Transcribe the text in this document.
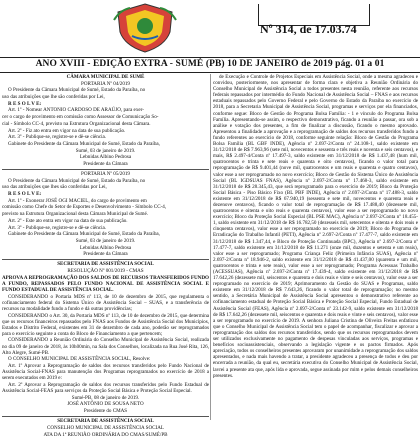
Nº 314, de 17.03.74
ANO XVIII - EDIÇÃO EXTRA - SUMÉ (PB) 10 DE JANEIRO de 2019 pág. 01 a 01

CÂMARA MUNICIPAL DE SUMÉ

PORTARIA Nº 04/2019

O Presidente da Câmara Municipal de Sumé, Estado da Paraíba, no

uso das atribuições que lhe são conferidas por Lei,

R E S O L V E:

Art. 1º - Nomear ANTONIO CARDOSO DE ARAÚJO, para exer-

cer o cargo de provimento em comissão como Assessor de Comunicação So-

cial - Símbolo CC-4, previsto na Estrutura Organizacional desta Câmara.

Art. 2º - Fiz ato entra em vigor na data de sua publicação.

Art. 3º - Publique-se, registre-se e dê-se ciência.

Gabinete do Presidente da Câmara Municipal de Sumé, Estado da Paraíba,

Sumé, 03 de janeiro de 2019.

Lebnidas Albino Pedrosa

Presidente da Câmara

PORTARIA Nº 05/2019

O Presidente da Câmara Municipal de Sumé, Estado da Paraíba, no

uso das atribuições que lhes são conferidas por Lei,

R E S O L V E:

Art. 1º - Exonerar JOSÉ OGI MACIEL, do cargo de provimento em

comissão como Chefe do Setor de Esportes e Desenvolvimento - Símbolo CC-4,

previsto na Estrutura Organizacional desta Câmara Municipal de Sumé.

Art. 2º - Este ato entra em vigor na data de sua publicação.

Art. 3º - Publique-se, registre-se e dê-se ciência.

Gabinete do Presidente da Câmara Municipal de Sumé, Estado da Paraíba,

Sumé, 03 de janeiro de 2019.

Lebnidas Albino Pedrosa

Presidente da Câmara

SECRETARIA DE ASSISTÊNCIA SOCIAL

RESOLUÇÃO Nº 001/2019 - CMAS

APROVA A REPROGRAMAÇÃO DOS SALDOS DE RECURSOS TRANSFERIDOS FUNDO A FUNDO, REPASSADOS PELO FUNDO NACIONAL DE ASSISTÊNCIA SOCIAL E FUNDO ESTADUAL DE ASSISTÊNCIA SOCIAL.

CONSIDERANDO o Portaria MDS nº 113, de 10 de dezembro de 2015, que regulamenta o cofinanciamento federal do Sistema Único de Assistência Social – SUAS, e a transferência de recursos na modalidade fundo a fundo e dá outras providências;

CONSIDERANDO o Art. 30, da Portaria MDS nº 113, de 10 de dezembro de 2015, que determina que os recursos financeiros repassados pelo FNAS aos Fundos de Assistência Social dos Municípios, Estados e Distrito Federal, existentes em 31 de dezembro de cada ano, poderão ser reprogramados para o exercício seguinte a conta do Bloco de Financiamento a que pertencem;

CONSIDERANDO a Reunião Ordinária do Conselho Municipal de Assistência Social, realizada no dia 09 de janeiro de 2018, às 10h00min, na Sala dos Conselhos, localizada na Rua José Rita, 126, Alto Alegre, Sumé-PB.

O CONSELHO MUNICIPAL DE ASSISTÊNCIA SOCIAL, Resolve:

Art. 1º Aprovar a Reprogramação de saldos dos recursos transferidos pelo Fundo Nacional de Assistência Social-FNAS para manutenção dos Programas reprogramados no exercício de 2018 a serem executados em 2019 e:

Art. 2º Aprovar a Reprogramação de saldos dos recursos transferidos pelo Fundo Estadual de Assistência Social-FEAS para serviços da Proteção Social Básica e Proteção Social Especial.

Sumé-PB, 08 de janeiro de 2019.

JOSÉ ANTÔNIO DE SOUSA NETO

Presidente do CMAS

SECRETARIA DE ASSISTÊNCIA SOCIAL

CONSELHO MUNICIPAL DE ASSISTÊNCIA SOCIAL

ATA DA 1ª REUNIÃO ORDINÁRIA DO CMAS/SUMÉ/PB

de Execução e Controle de Projetos Especiais em Assistência Social, onde a mesma agradeceu e convidou, posteriormente, nos apresentar de forma clara e objetiva a Reunião Ordinária do Conselho Municipal de Assistência Social a todos presentes nesta reunião, referente aos recursos federais repassados por intermédio do Fundo Nacional de Assistência Social – FNAS e aos recursos estaduais repassados pelo Governo Federal e pelo Governo do Estado da Paraíba no exercício de 2018, para a Secretaria Municipal de Assistência Social, programas e serviços por ela financiados, conforme segue: Bloco de Gestão do Programa Bolsa Família: - 1 e vínculo do Programa Bolsa Família. Apresentando-se assim, o respectivo demonstrativo, ficando a reunião a passar, ora sob a análise e votação dos presentes, a fim de finalizar a discussão, ficando o mesmo aprovado. Apresentou a finalidade a aprovação e a reprogramação de saldos dos recursos transferidos fundo a fundo referentes ao exercício de 2018, conforme seguinte relação: Bloco de Gestão do Programa Bolsa Família (BL GBF INDE), Agência nº 2.697-2/Conta nº 24.108-1, saldo existente em 31/12/2018 de R$ 7.963,96 (sete mil, novecentos e sessenta e três reais e noventa e seis centavos), e mais, R$ 2.497-4/Conta nº 17.497-3, saldo existente em 31/12/2018 de R$ 1.437,48 (hum mil, quatrocentos e trinta e sete reais e quarenta e oito centavos), ficando o valor total para reprogramação de R$ 9.401,44 (nove mil, quatrocentos e um reais e quarenta e quatro centavos), valor esse a ser reprogramado no novo exercício; Bloco de Gestão do Sistema Único de Assistência Social (BL IGDSUAS FNAS), Agência nº 2.697-2/Conta nº 17.468-3, saldo existente em 31/12/2018 de R$ 28.345,43, que será reprogramado para o exercício de 2019; Bloco da Proteção Social Básica - Piso Básico Fixo (BL PBF INDE), Agência nº 2.697-2/Conta nº 17.488-3, saldo existente em 31/12/2018 de R$ 67.940,19 (sessenta e sete mil, novecentos e quarenta reais e dezenove centavos), ficando o valor total de reprogramação de R$ 17.488,40 (dezessete mil, quatrocentos e oitenta e oito reais e quarenta centavos), valor esse a ser reprogramado no novo exercício; Bloco da Proteção Social Especial (BL PSE MAC), Agência nº 2.697-2/Conta nº 18.455-1, saldo existente em 31/12/2018 de R$ 16.782,50 (dezesseis mil, setecentos e oitenta e dois reais e cinquenta centavos), valor esse a ser reprogramado no exercício de 2019; Bloco do Programa de Erradicação do Trabalho Infantil (PETI), Agência nº 2.697-2/Conta nº 17.477-7, saldo existente em 31/12/2018 de R$ 1.347,44, e Bloco de Proteção Continuada (BPC), Agência nº 2.697-2/Conta nº 17.477-7, saldo existente em 31/12/2018 de R$ 11.271 (onze mil, duzentos e setenta e um reais), valor esse a ser reprogramado; Programa Criança Feliz (Primeira Infância SUAS), Agência nº 2.697-2/Conta nº 18.946-2, saldo existente em 31/12/2018 de R$ 41.437,00 (quarenta e um mil, quatrocentos e trinta e sete reais), valor esse a ser reprogramado; Programa Acessuas Trabalho (ACESSUAS), Agência nº 2.697-2/Conta nº 17.439-4, saldo existente em 31/12/2018 de R$ 17.642,26 (dezessete mil, seiscentos e quarenta e dois reais e vinte e seis centavos), valor esse a ser reprogramado no exercício de 2019; Aprimoramento da Gestão do SUAS e Programas, saldo existente em 31/12/2018 de R$ 7.643,26, ficando o valor total de reprogramação; no mesmo sentido, a Secretária Municipal de Assistência Social apresentou o demonstrativo referente ao cofinanciamento estadual de Proteção Social Básica e Proteção Social Especial, Fundo Estadual de Assistência Social (FEAS), Agência nº 2.697-2/Conta nº 23.142-9, saldo existente em 31/12/2018 de R$ 17.642,26 (dezessete mil, seiscentos e quarenta e dois reais e vinte e seis centavos), valor esse a ser reprogramado no exercício de 2019. A senhora Juliana Cristina de Oliveira Freitas enfatizou que o Conselho Municipal de Assistência Social tem o papel de acompanhar, fiscalizar e aprovar a reprogramação dos saldos dos recursos transferidos, sendo que os recursos reprogramados devem ser utilizados exclusivamente no pagamento de despesas vinculadas aos serviços, programas e benefícios socioassistenciais, observando a legislação vigente e os pactos firmados. Após apreciação, todos os conselheiros presentes aprovaram por unanimidade a reprogramação dos saldos apresentados, e nada mais havendo a tratar, a presidente agradeceu a presença de todos e deu por encerrada a reunião, da qual eu, secretária executiva do Conselho Municipal de Assistência Social, lavrei a presente ata que, após lida e aprovada, segue assinada por mim e pelos demais conselheiros presentes.
